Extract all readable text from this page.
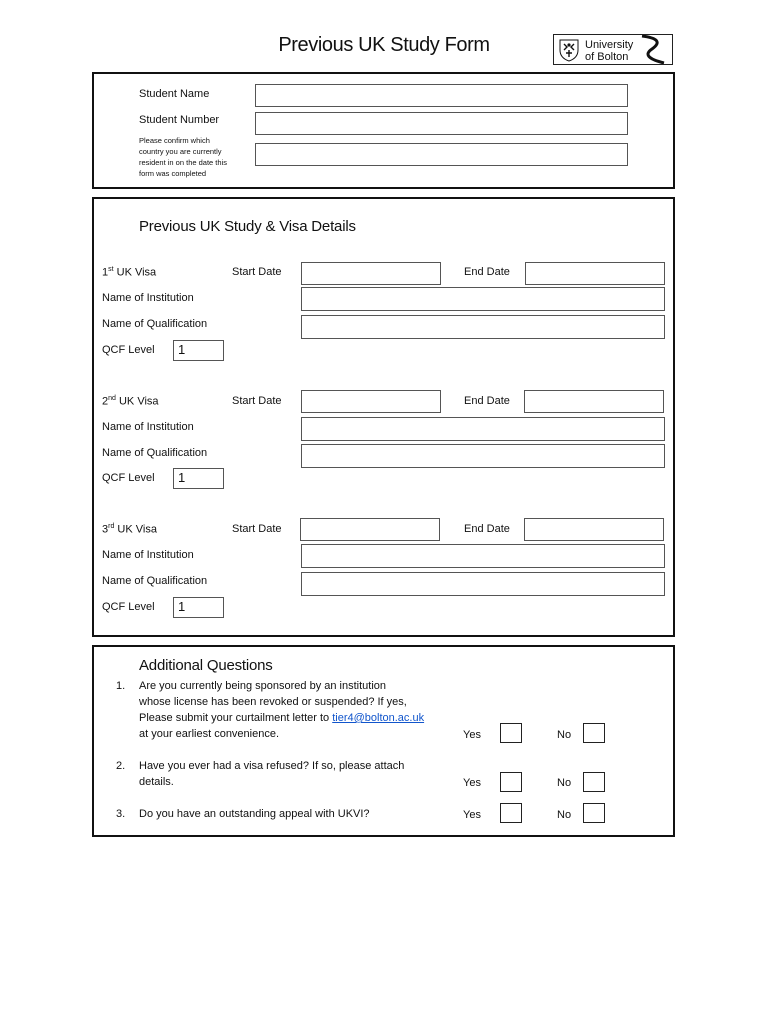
Previous UK Study Form	University
of Bolton
Student Name
Student Number
Please confirm which
country you are currently
resident in on the date this
form was completed
Previous UK Study & Visa Details
1st UK Visa	Start Date	End Date
Name of Institution
Name of Qualification
QCF Level	1
2nd UK Visa	Start Date	End Date
Name of Institution
Name of Qualification
QCF Level	1
3rd UK Visa	Start Date	End Date
Name of Institution
Name of Qualification
QCF Level	1
Additional Questions
1. Are you currently being sponsored by an institution
whose license has been revoked or suspended? If yes,
Please submit your curtailment letter to tier4@bolton.ac.uk
at your earliest convenience.	Yes	No
2. Have you ever had a visa refused? If so, please attach
details.	Yes	No
3. Do you have an outstanding appeal with UKVI?	Yes	No
